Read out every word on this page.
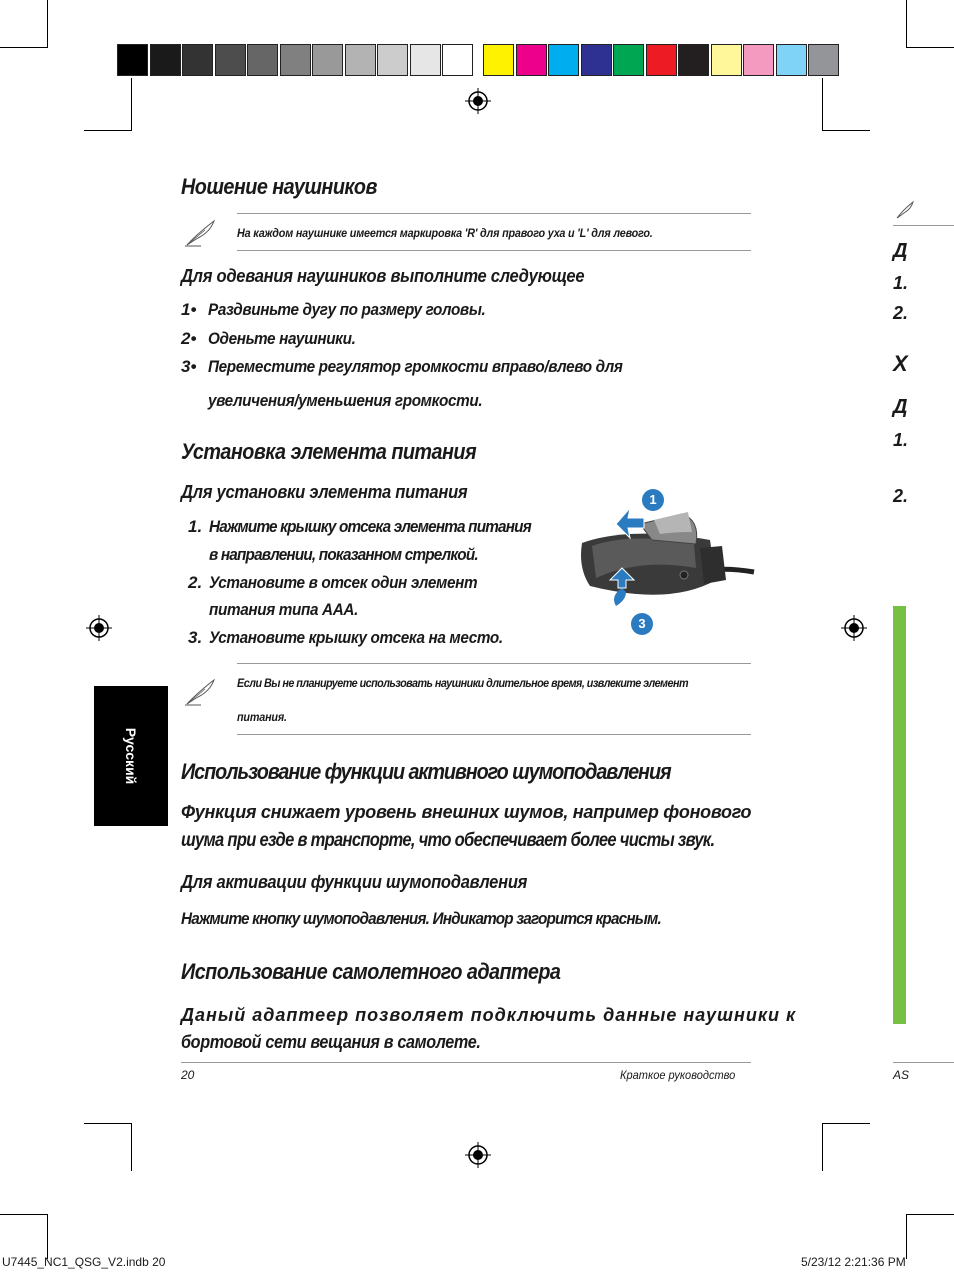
Русский
Ношение наушников
На каждом наушнике имеется маркировка 'R' для правого уха и 'L' для левого.
Для одевания наушников выполните следующее
1• Раздвиньте дугу по размеру головы.
2• Оденьте наушники.
3• Переместите регулятор громкости вправо/влево для
увеличения/уменьшения громкости.
Установка элемента питания
Для установки элемента питания
1. Нажмите крышку отсека элемента питания
в направлении, показанном стрелкой.
2. Установите в отсек один элемент
питания типа AAA.
3. Установите крышку отсека на место.
1
3
Если Вы не планируете использовать наушники длительное время, извлеките элемент
питания.
Использование функции активного шумоподавления
Функция снижает уровень внешних шумов, например фонового
шума при езде в транспорте, что обеспечивает более чисты звук.
Для активации функции шумоподавления
Нажмите кнопку шумоподавления. Индикатор загорится красным.
Использование самолетного адаптера
Даный адаптеер позволяет подключить данные наушники к
бортовой сети вещания в самолете.
20	Краткое руководство	AS
Д
1.
2.
Х
Д
1.
2.
U7445_NC1_QSG_V2.indb 20	5/23/12 2:21:36 PM
